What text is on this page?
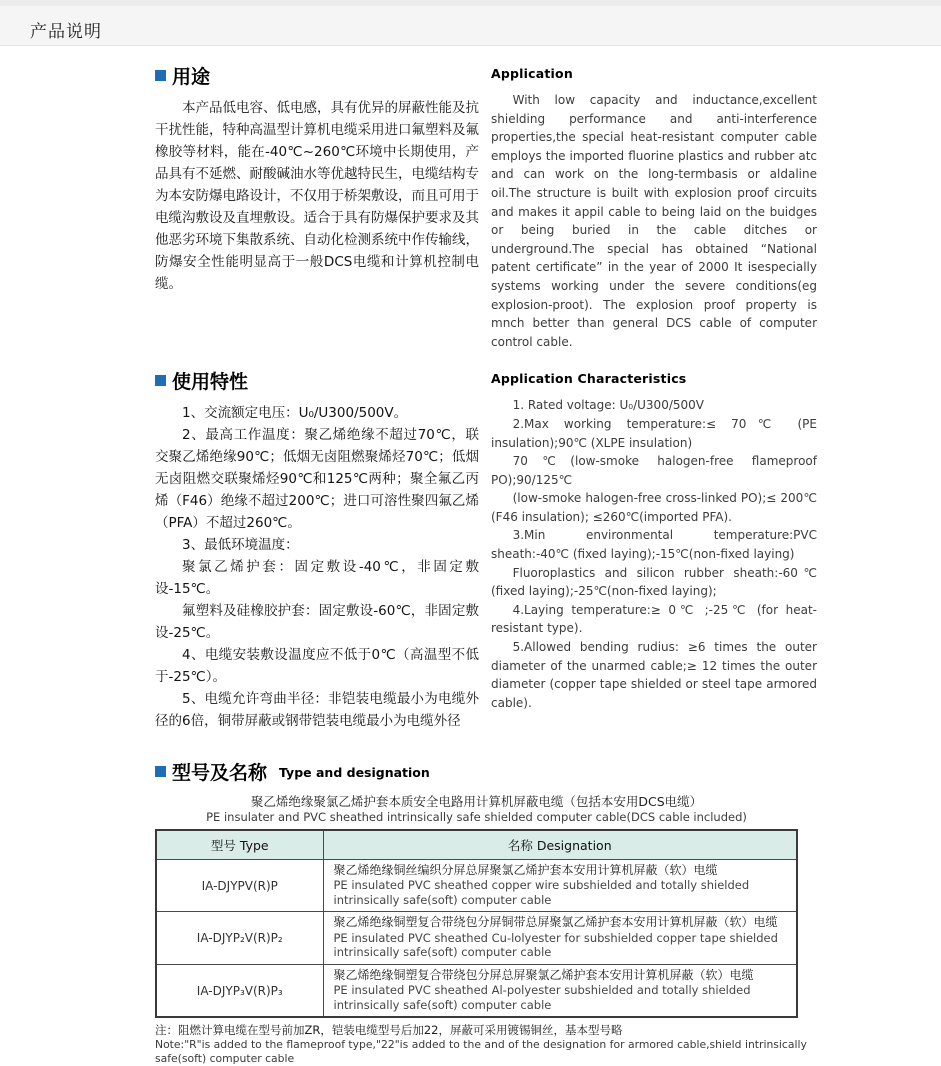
产品说明
用途

本产品低电容、低电感，具有优异的屏蔽性能及抗干扰性能，特种高温型计算机电缆采用进口氟塑料及氟橡胶等材料，能在-40℃~260℃环境中长期使用，产品具有不延燃、耐酸碱油水等优越特民生，电缆结构专为本安防爆电路设计，不仅用于桥架敷设，而且可用于电缆沟敷设及直埋敷设。适合于具有防爆保护要求及其他恶劣环境下集散系统、自动化检测系统中作传输线，防爆安全性能明显高于一般DCS电缆和计算机控制电缆。

Application

With low capacity and inductance,excellent shielding performance and anti-interference properties,the special heat-resistant computer cable employs the imported fluorine plastics and rubber atc and can work on the long-termbasis or aldaline oil.The structure is built with explosion proof circuits and makes it appil cable to being laid on the buidges or being buried in the cable ditches or underground.The special has obtained “National patent certificate” in the year of 2000 It isespecially systems working under the severe conditions(eg explosion-proot). The explosion proof property is mnch better than general DCS cable of computer control cable.

使用特性

1、交流额定电压：U₀/U300/500V。

2、最高工作温度：聚乙烯绝缘不超过70℃，联交聚乙烯绝缘90℃；低烟无卤阻燃聚烯烃70℃；低烟无卤阻燃交联聚烯烃90℃和125℃两种；聚全氟乙丙烯（F46）绝缘不超过200℃；进口可溶性聚四氟乙烯（PFA）不超过260℃。

3、最低环境温度：

聚氯乙烯护套：固定敷设-40℃，非固定敷设-15℃。

氟塑料及硅橡胶护套：固定敷设-60℃，非固定敷设-25℃。

4、电缆安装敷设温度应不低于0℃（高温型不低于-25℃）。

5、电缆允许弯曲半径：非铠装电缆最小为电缆外径的6倍，铜带屏蔽或钢带铠装电缆最小为电缆外径

Application Characteristics

1. Rated voltage: U₀/U300/500V

2.Max working temperature:≤ 70℃ (PE insulation);90℃ (XLPE insulation)

70℃(low-smoke halogen-free flameproof PO);90/125℃

(low-smoke halogen-free cross-linked PO);≤ 200℃ (F46 insulation); ≤260℃(imported PFA).

3.Min environmental temperature:PVC sheath:-40℃ (fixed laying);-15℃(non-fixed laying)

Fluoroplastics and silicon rubber sheath:-60℃ (fixed laying);-25℃(non-fixed laying);

4.Laying temperature:≥ 0℃ ;-25℃ (for heat-resistant type).

5.Allowed bending rudius: ≥6 times the outer diameter of the unarmed cable;≥ 12 times the outer diameter (copper tape shielded or steel tape armored cable).

型号及名称 Type and designation
聚乙烯绝缘聚氯乙烯护套本质安全电路用计算机屏蔽电缆（包括本安用DCS电缆）
PE insulater and PVC sheathed intrinsically safe shielded computer cable(DCS cable included)
型号 Type	名称 Designation
IA-DJYPV(R)P	聚乙烯绝缘铜丝编织分屏总屏聚氯乙烯护套本安用计算机屏蔽（软）电缆
PE insulated PVC sheathed copper wire subshielded and totally shielded intrinsically safe(soft) computer cable

IA-DJYP₂V(R)P₂	聚乙烯绝缘铜塑复合带绕包分屏铜带总屏聚氯乙烯护套本安用计算机屏蔽（软）电缆
PE insulated PVC sheathed Cu-lolyester for subshielded copper tape shielded intrinsically safe(soft) computer cable

IA-DJYP₃V(R)P₃	聚乙烯绝缘铜塑复合带绕包分屏总屏聚氯乙烯护套本安用计算机屏蔽（软）电缆
PE insulated PVC sheathed Al-polyester subshielded and totally shielded intrinsically safe(soft) computer cable
注：阻燃计算电缆在型号前加ZR，铠装电缆型号后加22，屏蔽可采用镀锡铜丝，基本型号略
Note:"R"is added to the flameproof type,"22"is added to the and of the designation for armored cable,shield intrinsically safe(soft) computer cable
